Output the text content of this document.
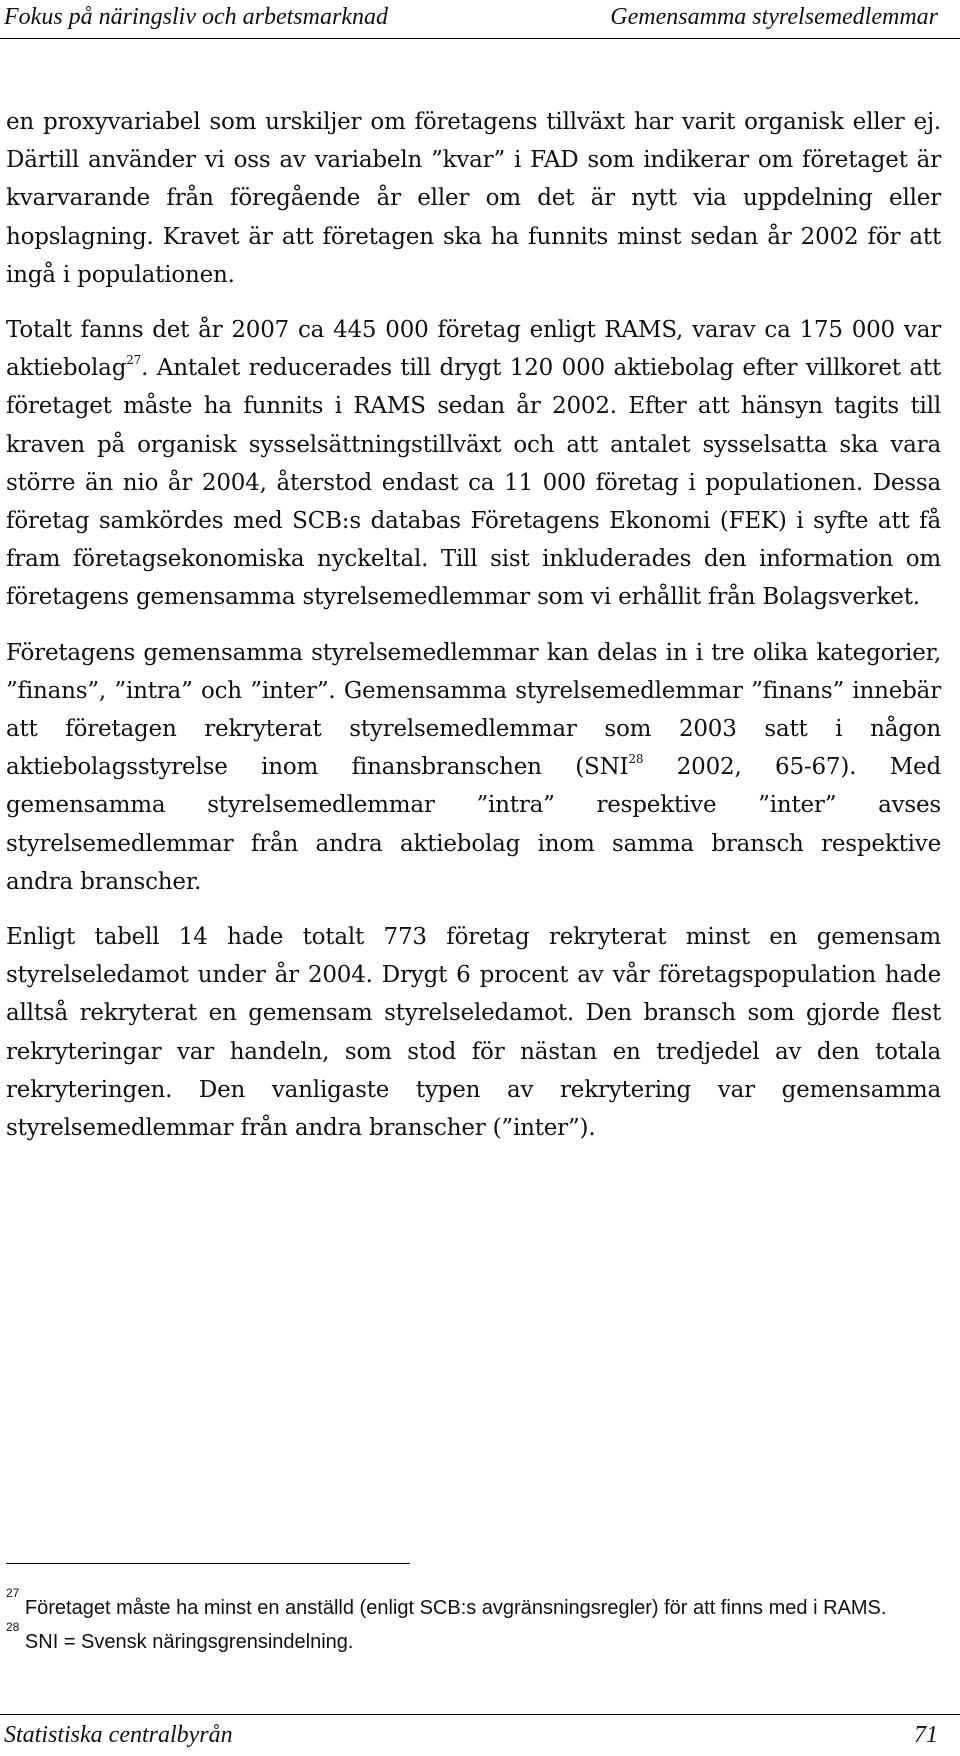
Fokus på näringsliv och arbetsmarknad	Gemensamma styrelsemedlemmar

en proxyvariabel som urskiljer om företagens tillväxt har varit organisk eller ej. Därtill använder vi oss av variabeln ”kvar” i FAD som indikerar om företaget är kvarvarande från föregående år eller om det är nytt via uppdelning eller hopslagning. Kravet är att företagen ska ha funnits minst sedan år 2002 för att ingå i populationen.

Totalt fanns det år 2007 ca 445 000 företag enligt RAMS, varav ca 175 000 var aktiebolag$^{27}$. Antalet reducerades till drygt 120 000 aktiebolag efter villkoret att företaget måste ha funnits i RAMS sedan år 2002. Efter att hänsyn tagits till kraven på organisk sysselsättningstillväxt och att antalet sysselsatta ska vara större än nio år 2004, återstod endast ca 11 000 företag i populationen. Dessa företag samkördes med SCB:s databas Företagens Ekonomi (FEK) i syfte att få fram företagsekonomiska nyckeltal. Till sist inkluderades den information om företagens gemensamma styrelsemedlemmar som vi erhållit från Bolagsverket.

Företagens gemensamma styrelsemedlemmar kan delas in i tre olika kategorier, ”finans”, ”intra” och ”inter”. Gemensamma styrelsemedlemmar ”finans” innebär att företagen rekryterat styrelsemedlemmar som 2003 satt i någon aktiebolagsstyrelse inom finansbranschen (SNI$^{28}$ 2002, 65-67). Med gemensamma styrelsemedlemmar ”intra” respektive ”inter” avses styrelsemedlemmar från andra aktiebolag inom samma bransch respektive andra branscher.

Enligt tabell 14 hade totalt 773 företag rekryterat minst en gemensam styrelseledamot under år 2004. Drygt 6 procent av vår företagspopulation hade alltså rekryterat en gemensam styrelseledamot. Den bransch som gjorde flest rekryteringar var handeln, som stod för nästan en tredjedel av den totala rekryteringen. Den vanligaste typen av rekrytering var gemensamma styrelsemedlemmar från andra branscher (”inter”).

$^{27}$ Företaget måste ha minst en anställd (enligt SCB:s avgränsningsregler) för att finns med i RAMS.

$^{28}$ SNI = Svensk näringsgrensindelning.

Statistiska centralbyrån	71
